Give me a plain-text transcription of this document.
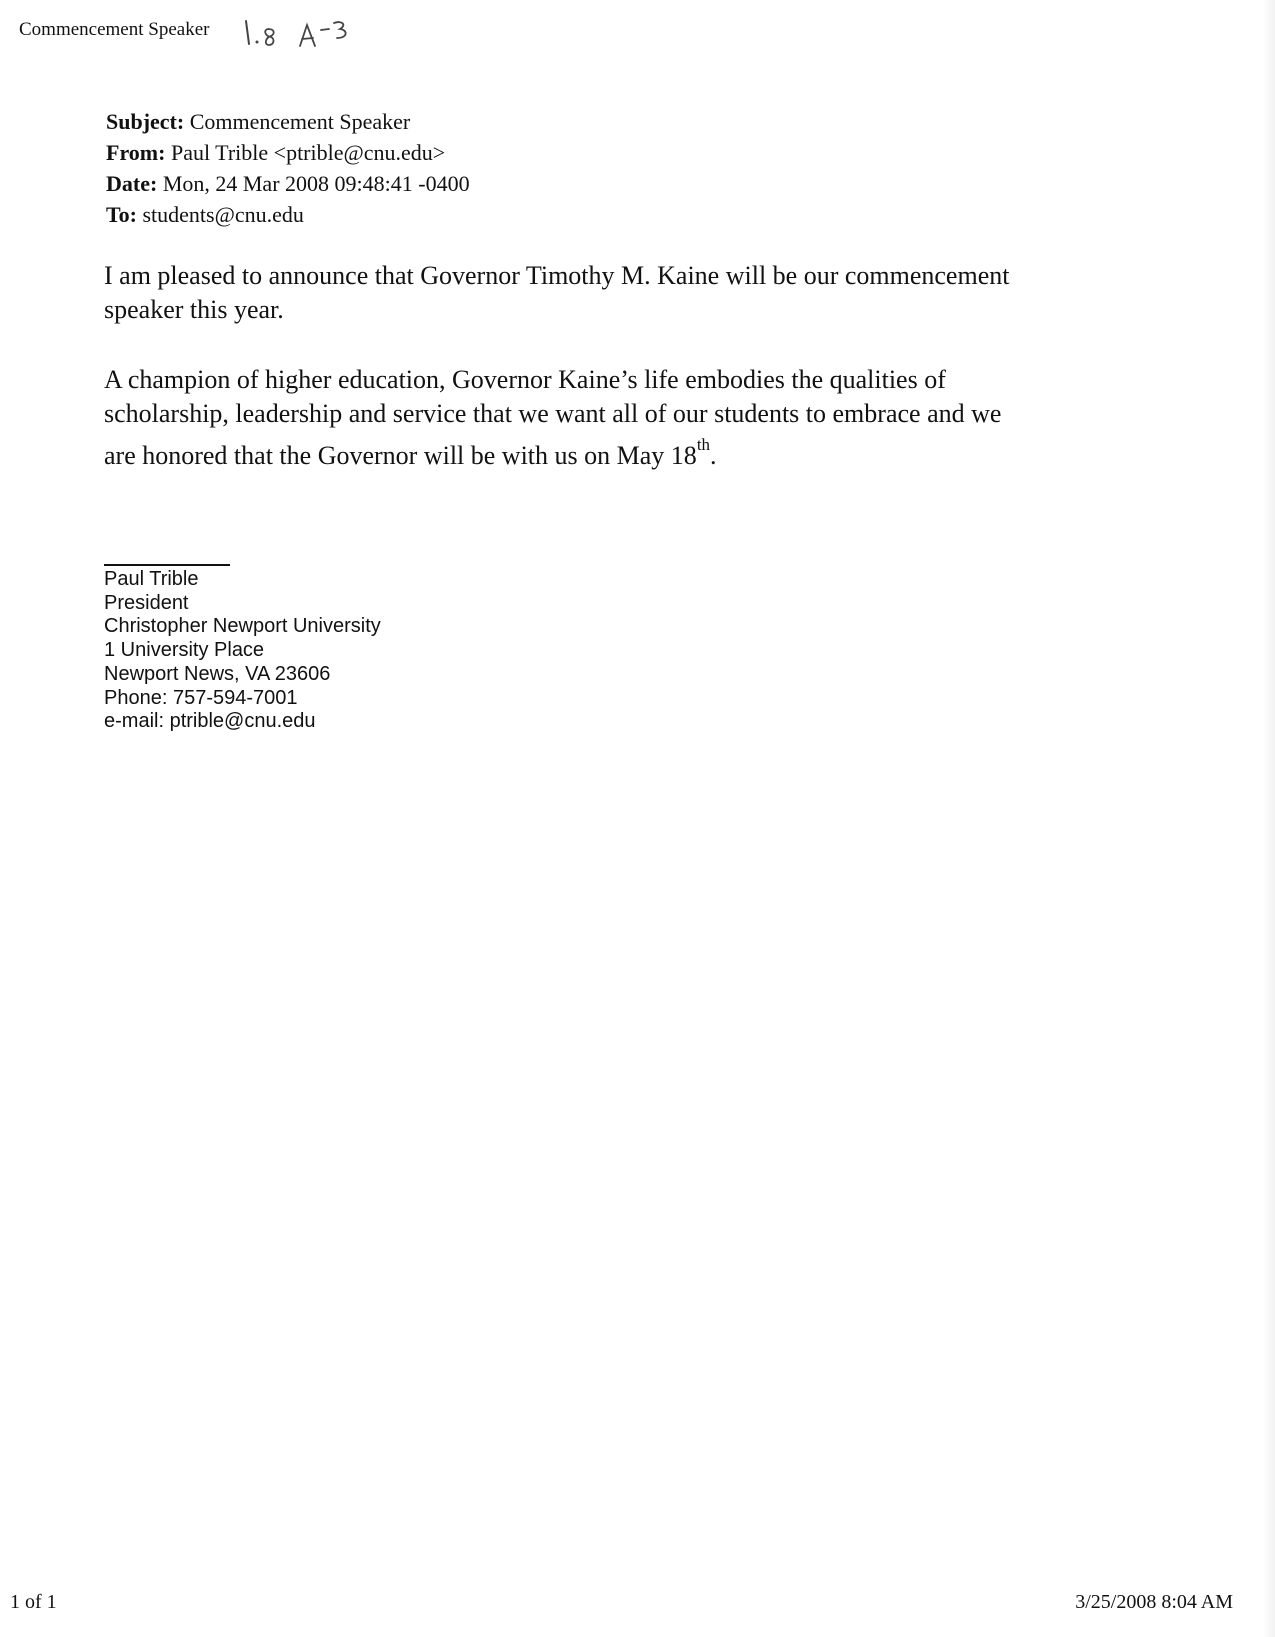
Commencement Speaker
Subject: Commencement Speaker
From: Paul Trible <ptrible@cnu.edu>
Date: Mon, 24 Mar 2008 09:48:41 -0400
To: students@cnu.edu
I am pleased to announce that Governor Timothy M. Kaine will be our commencement
speaker this year.
A champion of higher education, Governor Kaine’s life embodies the qualities of
scholarship, leadership and service that we want all of our students to embrace and we
are honored that the Governor will be with us on May 18th.
Paul Trible
President
Christopher Newport University
1 University Place
Newport News, VA 23606
Phone: 757-594-7001
e-mail: ptrible@cnu.edu
1 of 1	3/25/2008 8:04 AM
